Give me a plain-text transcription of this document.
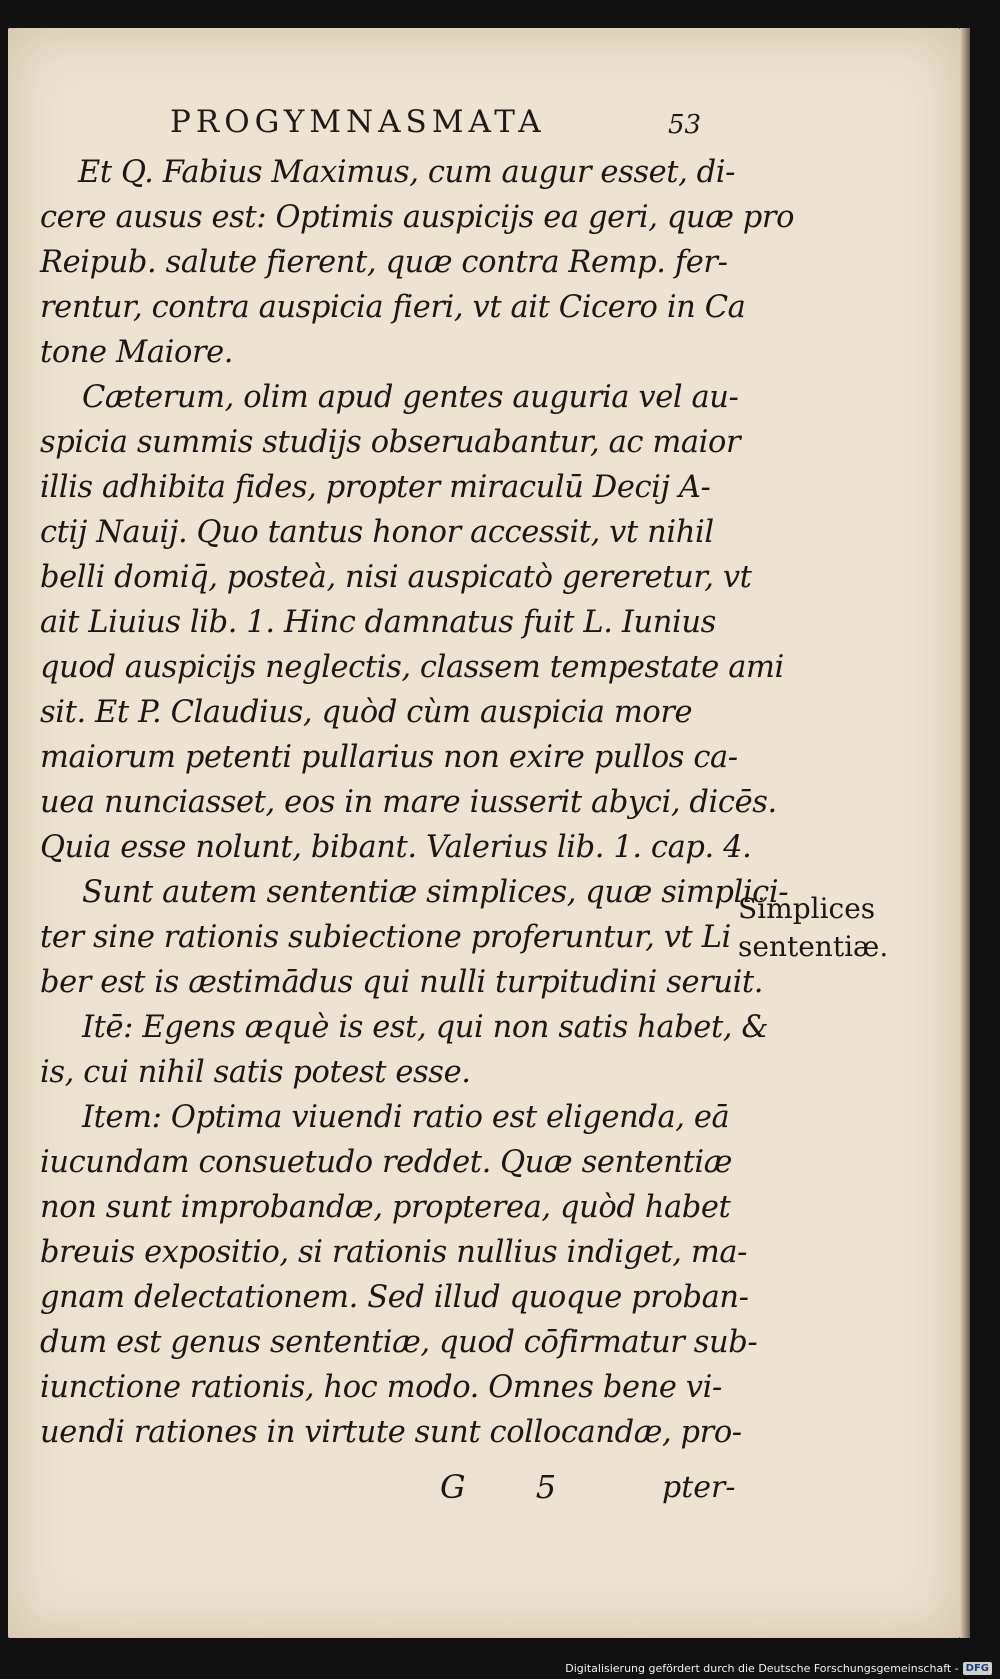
PROGYMNASMATA	53
Et Q. Fabius Maximus, cum augur esset, di-
cere ausus est: Optimis auspicijs ea geri, quæ pro
Reipub. salute fierent, quæ contra Remp. fer-
rentur, contra auspicia fieri, vt ait Cicero in Ca
tone Maiore.
Cæterum, olim apud gentes auguria vel au-
spicia summis studijs obseruabantur, ac maior
illis adhibita fides, propter miraculū Decij A-
ctij Nauij. Quo tantus honor accessit, vt nihil
belli domiq̄, posteà, nisi auspicatò gereretur, vt
ait Liuius lib. 1. Hinc damnatus fuit L. Iunius
quod auspicijs neglectis, classem tempestate ami
sit. Et P. Claudius, quòd cùm auspicia more
maiorum petenti pullarius non exire pullos ca-
uea nunciasset, eos in mare iusserit abyci, dicēs.
Quia esse nolunt, bibant. Valerius lib. 1. cap. 4.
Sunt autem sententiæ simplices, quæ simplici-
ter sine rationis subiectione proferuntur, vt Li
ber est is æstimādus qui nulli turpitudini seruit.
Itē: Egens æquè is est, qui non satis habet, &
is, cui nihil satis potest esse.
Item: Optima viuendi ratio est eligenda, eā
iucundam consuetudo reddet. Quæ sententiæ
non sunt improbandæ, propterea, quòd habet
breuis expositio, si rationis nullius indiget, ma-
gnam delectationem. Sed illud quoque proban-
dum est genus sententiæ, quod cōfirmatur sub-
iunctione rationis, hoc modo. Omnes bene vi-
uendi rationes in virtute sunt collocandæ, pro-
Simplices
sententiæ.
G 5	pter-
Digitalisierung gefördert durch die Deutsche Forschungsgemeinschaft - DFG
